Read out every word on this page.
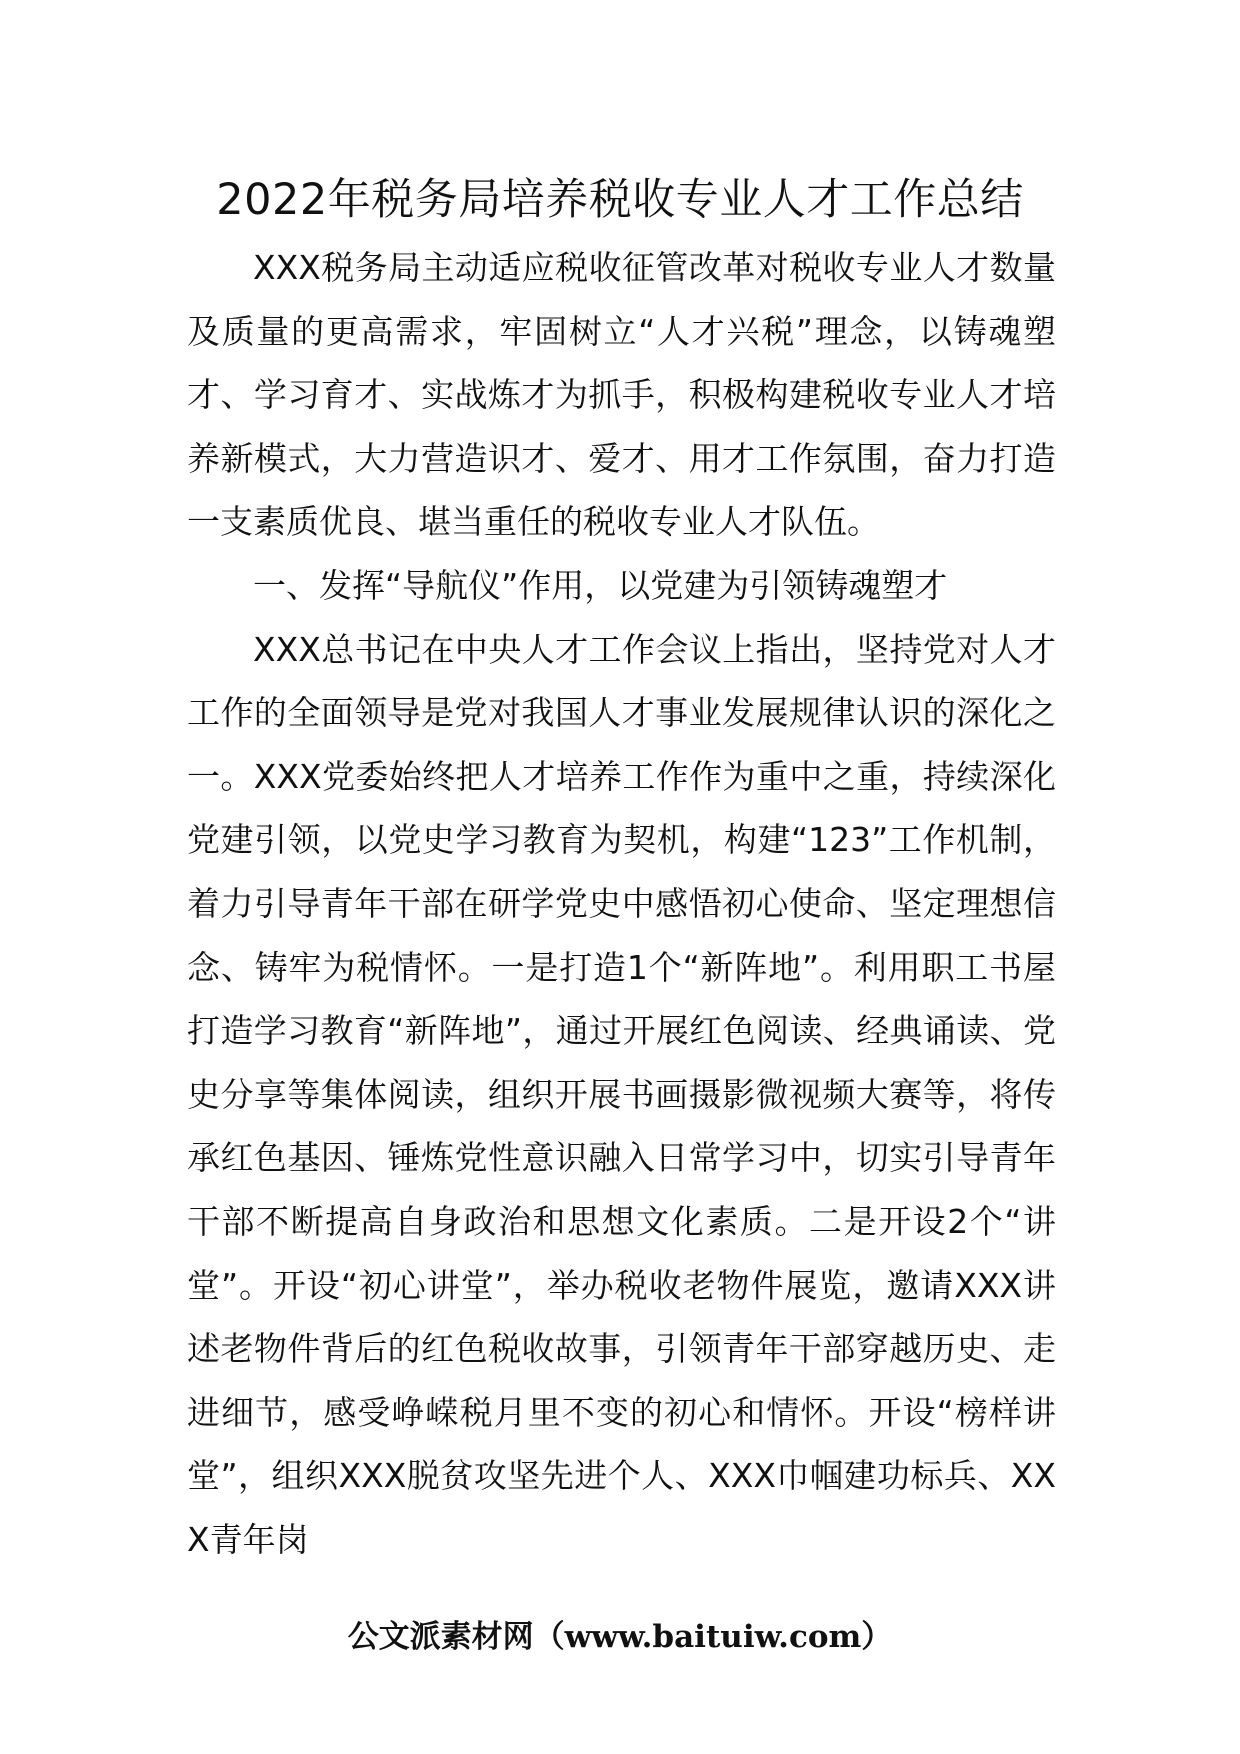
2022年税务局培养税收专业人才工作总结

XXX税务局主动适应税收征管改革对税收专业人才数量及质量的更高需求，牢固树立“人才兴税”理念，以铸魂塑才、学习育才、实战炼才为抓手，积极构建税收专业人才培养新模式，大力营造识才、爱才、用才工作氛围，奋力打造一支素质优良、堪当重任的税收专业人才队伍。

一、发挥“导航仪”作用，以党建为引领铸魂塑才

XXX总书记在中央人才工作会议上指出，坚持党对人才工作的全面领导是党对我国人才事业发展规律认识的深化之一。XXX党委始终把人才培养工作作为重中之重，持续深化党建引领，以党史学习教育为契机，构建“123”工作机制，着力引导青年干部在研学党史中感悟初心使命、坚定理想信念、铸牢为税情怀。一是打造1个“新阵地”。利用职工书屋打造学习教育“新阵地”，通过开展红色阅读、经典诵读、党史分享等集体阅读，组织开展书画摄影微视频大赛等，将传承红色基因、锤炼党性意识融入日常学习中，切实引导青年干部不断提高自身政治和思想文化素质。二是开设2个“讲堂”。开设“初心讲堂”，举办税收老物件展览，邀请XXX讲述老物件背后的红色税收故事，引领青年干部穿越历史、走进细节，感受峥嵘税月里不变的初心和情怀。开设“榜样讲堂”，组织XXX脱贫攻坚先进个人、XXX巾帼建功标兵、XXX青年岗

公文派素材网（www.baituiw.com）
